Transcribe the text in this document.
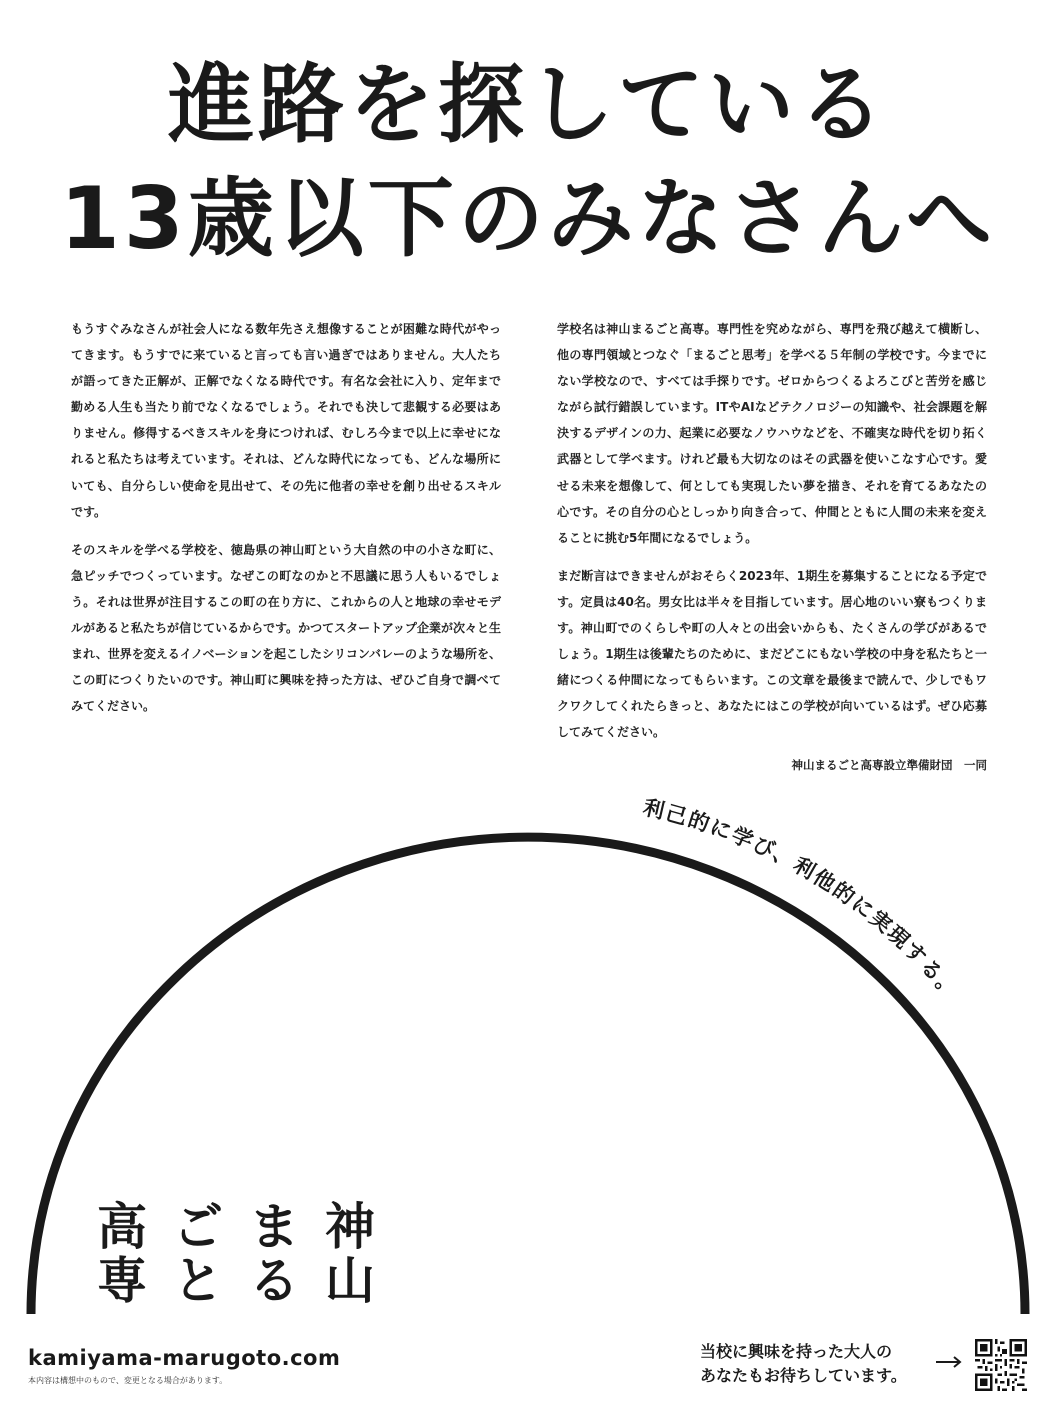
進路を探している
13歳以下のみなさんへ

もうすぐみなさんが社会人になる数年先さえ想像することが困難な時代がやってきます。もうすでに来ていると言っても言い過ぎではありません。大人たちが語ってきた正解が、正解でなくなる時代です。有名な会社に入り、定年まで勤める人生も当たり前でなくなるでしょう。それでも決して悲観する必要はありません。修得するべきスキルを身につければ、むしろ今まで以上に幸せになれると私たちは考えています。それは、どんな時代になっても、どんな場所にいても、自分らしい使命を見出せて、その先に他者の幸せを創り出せるスキルです。

そのスキルを学べる学校を、徳島県の神山町という大自然の中の小さな町に、急ピッチでつくっています。なぜこの町なのかと不思議に思う人もいるでしょう。それは世界が注目するこの町の在り方に、これからの人と地球の幸せモデルがあると私たちが信じているからです。かつてスタートアップ企業が次々と生まれ、世界を変えるイノベーションを起こしたシリコンバレーのような場所を、この町につくりたいのです。神山町に興味を持った方は、ぜひご自身で調べてみてください。

学校名は神山まるごと高専。専門性を究めながら、専門を飛び越えて横断し、他の専門領域とつなぐ「まるごと思考」を学べる５年制の学校です。今までにない学校なので、すべては手探りです。ゼロからつくるよろこびと苦労を感じながら試行錯誤しています。ITやAIなどテクノロジーの知識や、社会課題を解決するデザインの力、起業に必要なノウハウなどを、不確実な時代を切り拓く武器として学べます。けれど最も大切なのはその武器を使いこなす心です。愛せる未来を想像して、何としても実現したい夢を描き、それを育てるあなたの心です。その自分の心としっかり向き合って、仲間とともに人間の未来を変えることに挑む5年間になるでしょう。

まだ断言はできませんがおそらく2023年、1期生を募集することになる予定です。定員は40名。男女比は半々を目指しています。居心地のいい寮もつくります。神山町でのくらしや町の人々との出会いからも、たくさんの学びがあるでしょう。1期生は後輩たちのために、まだどこにもない学校の中身を私たちと一緒につくる仲間になってもらいます。この文章を最後まで読んで、少しでもワクワクしてくれたらきっと、あなたにはこの学校が向いているはず。ぜひ応募してみてください。

神山まるごと高専設立準備財団　一同
利己的に学び、利他的に実現する。
神
山
ま
る
ご
と
高
専
kamiyama-marugoto.com
本内容は構想中のもので、変更となる場合があります。
当校に興味を持った大人の
あなたもお待ちしています。
